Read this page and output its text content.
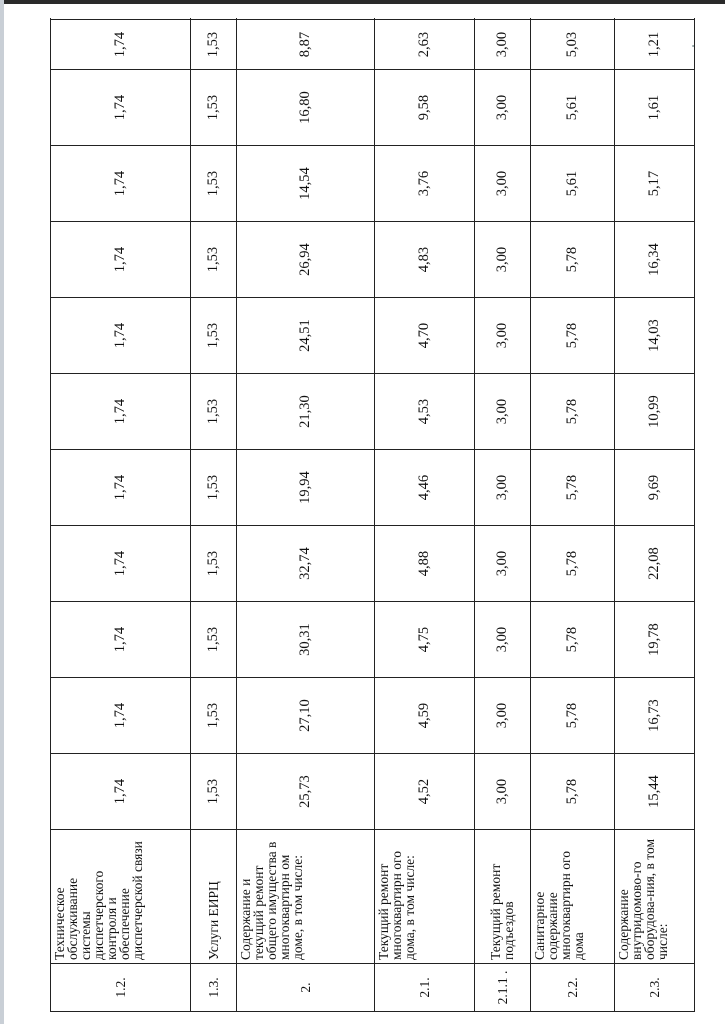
1.2.	Техническое обслуживание системы диспетчерского контроля и обеспечение диспетчерской связи	1,74	1,74	1,74	1,74	1,74	1,74	1,74	1,74	1,74	1,74	1,74
1.3.	Услуги ЕИРЦ	1,53	1,53	1,53	1,53	1,53	1,53	1,53	1,53	1,53	1,53	1,53
2.	Содержание и текущий ремонт общего имущества в многоквартирн ом доме, в том числе:	25,73	27,10	30,31	32,74	19,94	21,30	24,51	26,94	14,54	16,80	8,87
2.1.	Текущий ремонт многоквартирн ого дома, в том числе:	4,52	4,59	4,75	4,88	4,46	4,53	4,70	4,83	3,76	9,58	2,63
2.1.1 .	Текущий ремонт подъездов	3,00	3,00	3,00	3,00	3,00	3,00	3,00	3,00	3,00	3,00	3,00
2.2.	Санитарное содержание многоквартирн ого дома	5,78	5,78	5,78	5,78	5,78	5,78	5,78	5,78	5,61	5,61	5,03
2.3.	Содержание внутридомово-го оборудова-ния, в том числе:	15,44	16,73	19,78	22,08	9,69	10,99	14,03	16,34	5,17	1,61	1,21
